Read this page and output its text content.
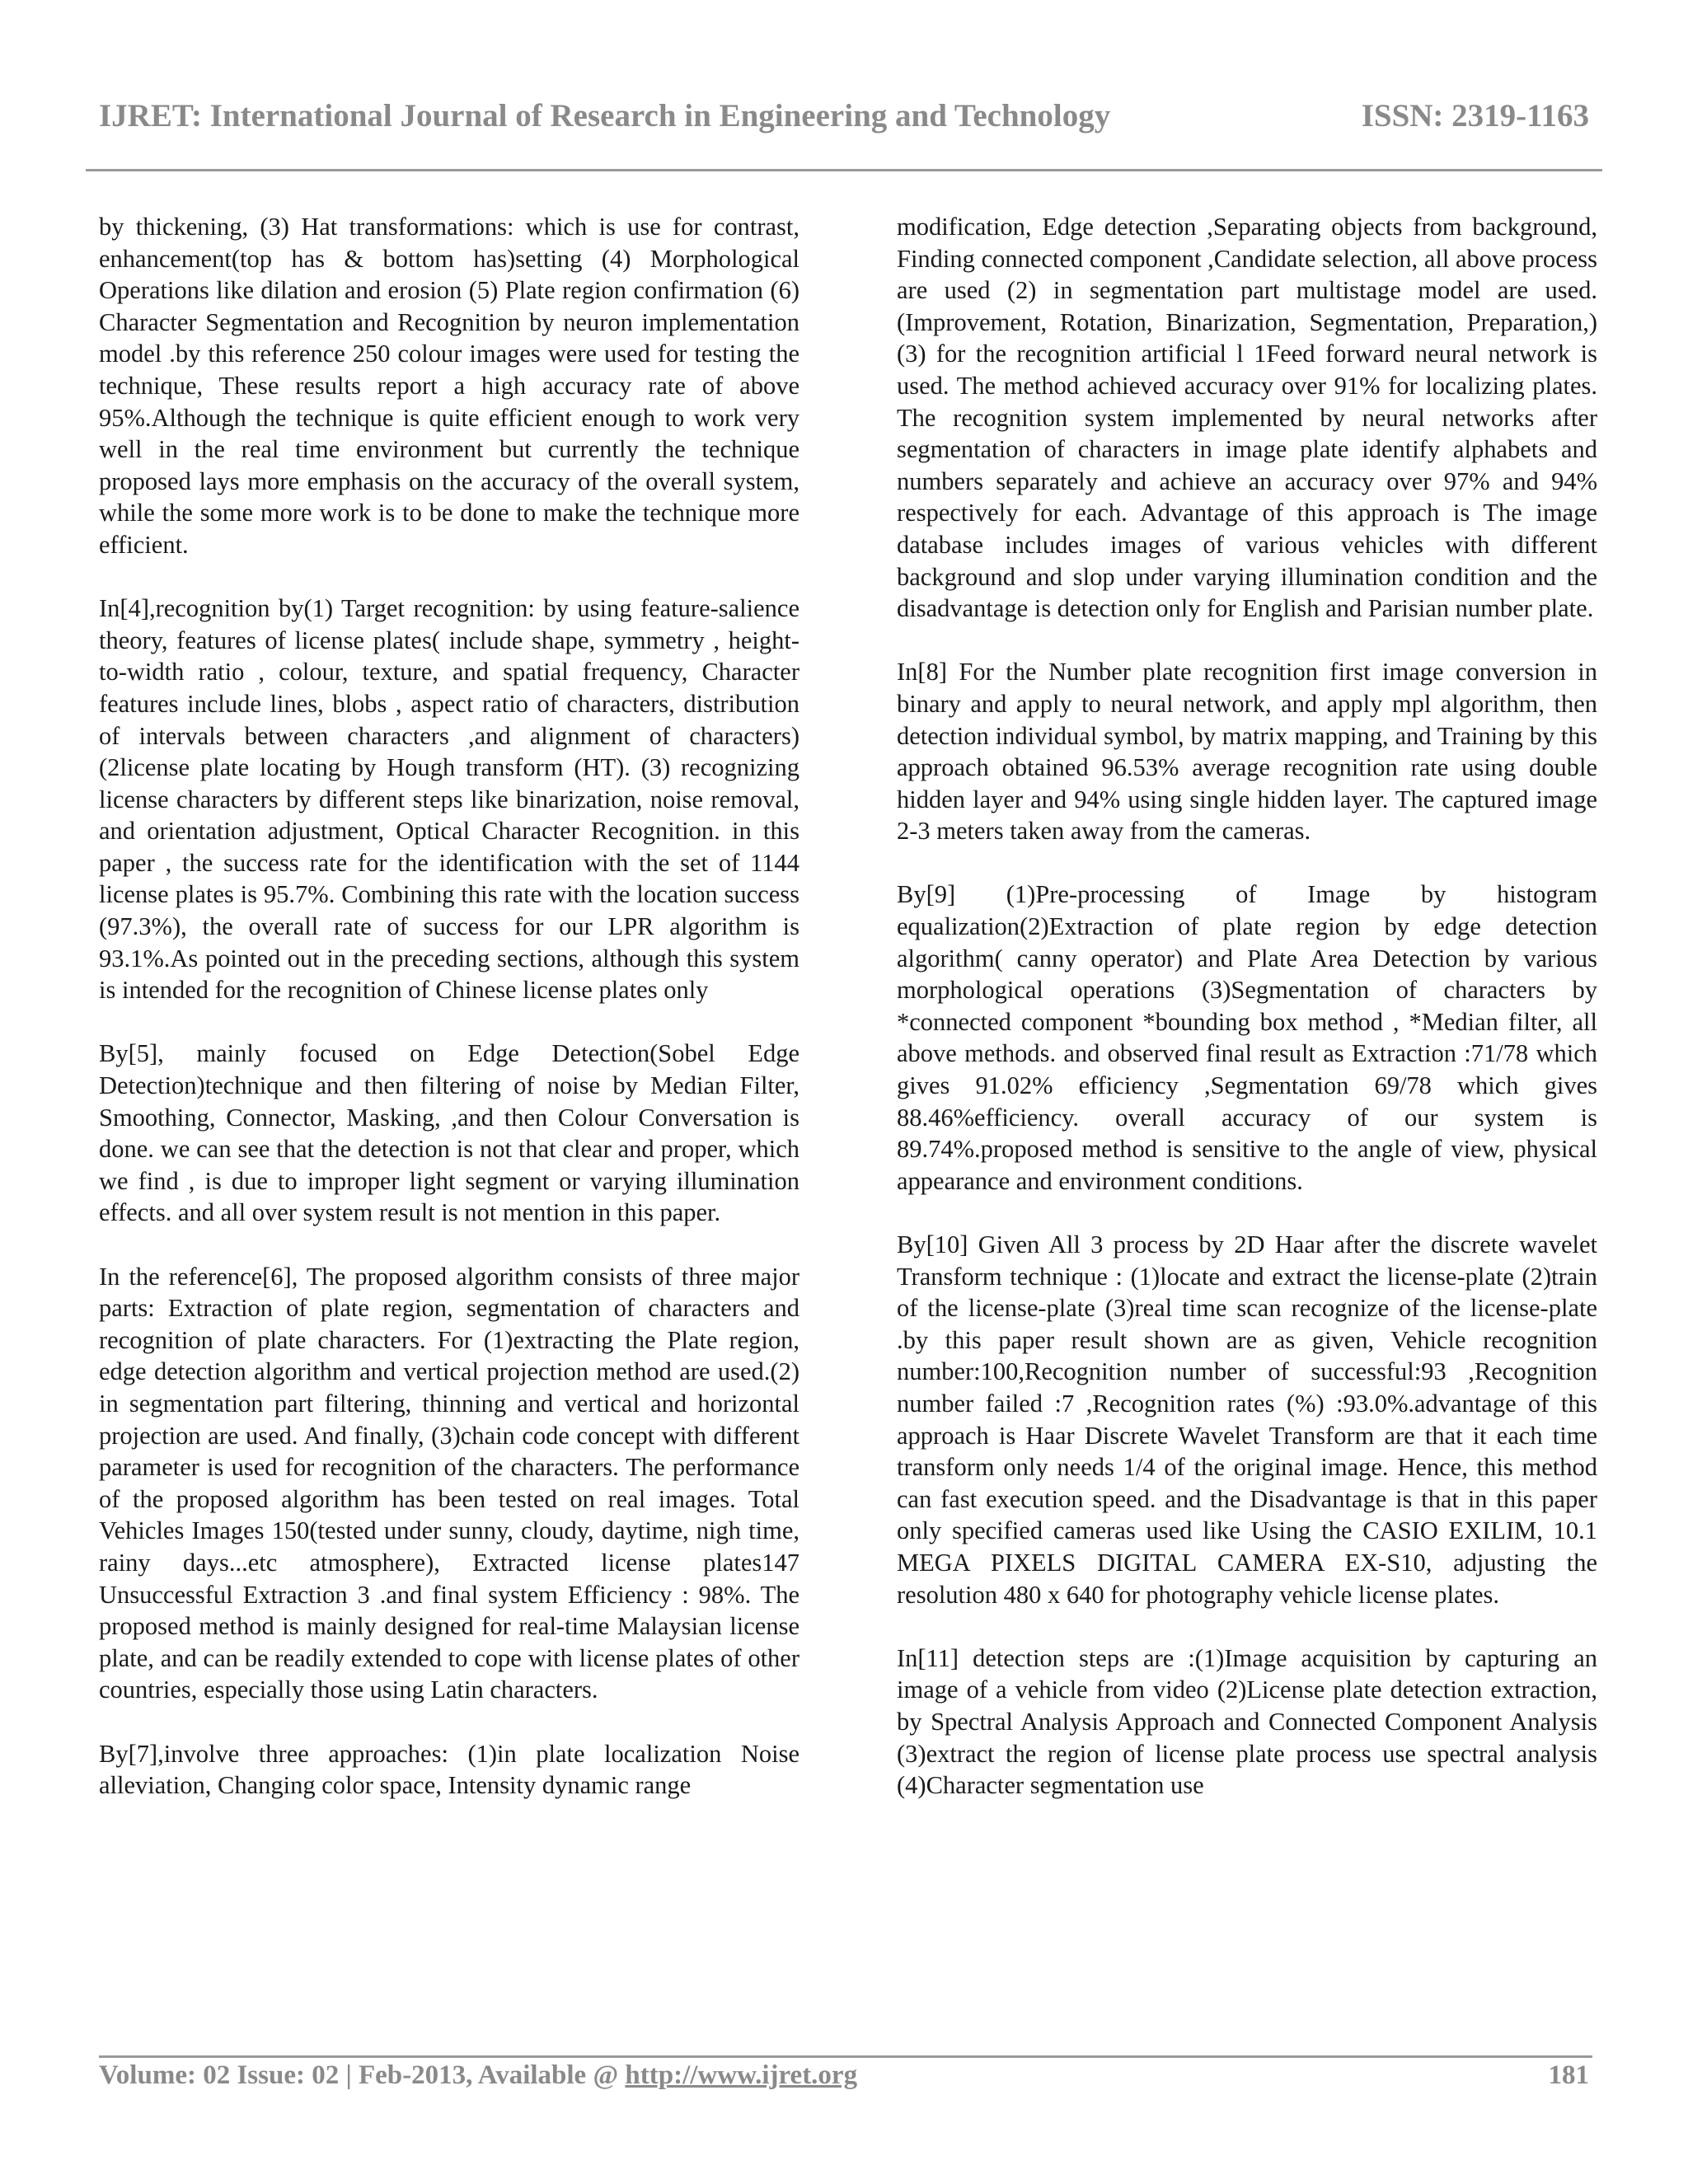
IJRET: International Journal of Research in Engineering and Technology	ISSN: 2319-1163

by thickening, (3) Hat transformations: which is use for contrast, enhancement(top has & bottom has)setting (4) Morphological Operations like dilation and erosion (5) Plate region confirmation (6) Character Segmentation and Recognition by neuron implementation model .by this reference 250 colour images were used for testing the technique, These results report a high accuracy rate of above 95%.Although the technique is quite efficient enough to work very well in the real time environment but currently the technique proposed lays more emphasis on the accuracy of the overall system, while the some more work is to be done to make the technique more efficient.

In[4],recognition by(1) Target recognition: by using feature-salience theory, features of license plates( include shape, symmetry , height-to-width ratio , colour, texture, and spatial frequency, Character features include lines, blobs , aspect ratio of characters, distribution of intervals between characters ,and alignment of characters) (2license plate locating by Hough transform (HT). (3) recognizing license characters by different steps like binarization, noise removal, and orientation adjustment, Optical Character Recognition. in this paper , the success rate for the identification with the set of 1144 license plates is 95.7%. Combining this rate with the location success (97.3%), the overall rate of success for our LPR algorithm is 93.1%.As pointed out in the preceding sections, although this system is intended for the recognition of Chinese license plates only

By[5], mainly focused on Edge Detection(Sobel Edge Detection)technique and then filtering of noise by Median Filter, Smoothing, Connector, Masking, ,and then Colour Conversation is done. we can see that the detection is not that clear and proper, which we find , is due to improper light segment or varying illumination effects. and all over system result is not mention in this paper.

In the reference[6], The proposed algorithm consists of three major parts: Extraction of plate region, segmentation of characters and recognition of plate characters. For (1)extracting the Plate region, edge detection algorithm and vertical projection method are used.(2) in segmentation part filtering, thinning and vertical and horizontal projection are used. And finally, (3)chain code concept with different parameter is used for recognition of the characters. The performance of the proposed algorithm has been tested on real images. Total Vehicles Images 150(tested under sunny, cloudy, daytime, nigh time, rainy days...etc atmosphere), Extracted license plates147 Unsuccessful Extraction 3 .and final system Efficiency : 98%. The proposed method is mainly designed for real-time Malaysian license plate, and can be readily extended to cope with license plates of other countries, especially those using Latin characters.

By[7],involve three approaches: (1)in plate localization Noise alleviation, Changing color space, Intensity dynamic range

modification, Edge detection ,Separating objects from background, Finding connected component ,Candidate selection, all above process are used (2) in segmentation part multistage model are used.(Improvement, Rotation, Binarization, Segmentation, Preparation,) (3) for the recognition artificial l 1Feed forward neural network is used. The method achieved accuracy over 91% for localizing plates. The recognition system implemented by neural networks after segmentation of characters in image plate identify alphabets and numbers separately and achieve an accuracy over 97% and 94% respectively for each. Advantage of this approach is The image database includes images of various vehicles with different background and slop under varying illumination condition and the disadvantage is detection only for English and Parisian number plate.

In[8] For the Number plate recognition first image conversion in binary and apply to neural network, and apply mpl algorithm, then detection individual symbol, by matrix mapping, and Training by this approach obtained 96.53% average recognition rate using double hidden layer and 94% using single hidden layer. The captured image 2-3 meters taken away from the cameras.

By[9] (1)Pre-processing of Image by histogram equalization(2)Extraction of plate region by edge detection algorithm( canny operator) and Plate Area Detection by various morphological operations (3)Segmentation of characters by *connected component *bounding box method , *Median filter, all above methods. and observed final result as Extraction :71/78 which gives 91.02% efficiency ,Segmentation 69/78 which gives 88.46%efficiency. overall accuracy of our system is 89.74%.proposed method is sensitive to the angle of view, physical appearance and environment conditions.

By[10] Given All 3 process by 2D Haar after the discrete wavelet Transform technique : (1)locate and extract the license-plate (2)train of the license-plate (3)real time scan recognize of the license-plate .by this paper result shown are as given, Vehicle recognition number:100,Recognition number of successful:93 ,Recognition number failed :7 ,Recognition rates (%) :93.0%.advantage of this approach is Haar Discrete Wavelet Transform are that it each time transform only needs 1/4 of the original image. Hence, this method can fast execution speed. and the Disadvantage is that in this paper only specified cameras used like Using the CASIO EXILIM, 10.1 MEGA PIXELS DIGITAL CAMERA EX-S10, adjusting the resolution 480 x 640 for photography vehicle license plates.

In[11] detection steps are :(1)Image acquisition by capturing an image of a vehicle from video (2)License plate detection extraction, by Spectral Analysis Approach and Connected Component Analysis (3)extract the region of license plate process use spectral analysis (4)Character segmentation use

Volume: 02 Issue: 02 | Feb-2013, Available @ http://www.ijret.org	181
